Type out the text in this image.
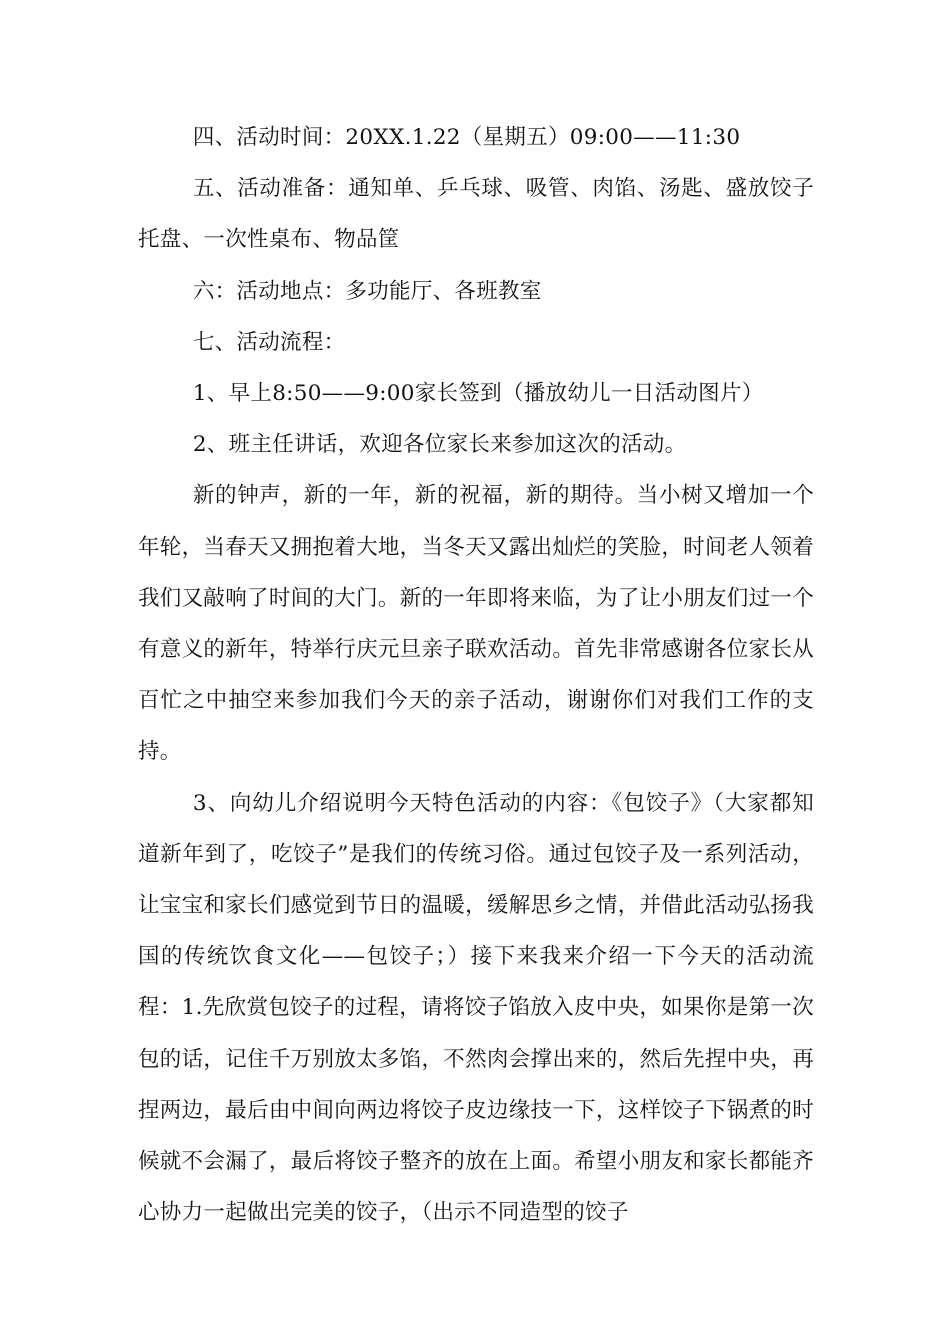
四、活动时间：20XX.1.22（星期五）09:00——11:30

五、活动准备：通知单、乒乓球、吸管、肉馅、汤匙、盛放饺子托盘、一次性桌布、物品筐

六：活动地点：多功能厅、各班教室

七、活动流程：

1、早上8:50——9:00家长签到（播放幼儿一日活动图片）

2、班主任讲话，欢迎各位家长来参加这次的活动。

新的钟声，新的一年，新的祝福，新的期待。当小树又增加一个年轮，当春天又拥抱着大地，当冬天又露出灿烂的笑脸，时间老人领着我们又敲响了时间的大门。新的一年即将来临，为了让小朋友们过一个有意义的新年，特举行庆元旦亲子联欢活动。首先非常感谢各位家长从百忙之中抽空来参加我们今天的亲子活动，谢谢你们对我们工作的支持。

3、向幼儿介绍说明今天特色活动的内容：《包饺子》（大家都知道新年到了，吃饺子”是我们的传统习俗。通过包饺子及一系列活动，让宝宝和家长们感觉到节日的温暖，缓解思乡之情，并借此活动弘扬我国的传统饮食文化——包饺子；）接下来我来介绍一下今天的活动流程：1.先欣赏包饺子的过程，请将饺子馅放入皮中央，如果你是第一次包的话，记住千万别放太多馅，不然肉会撑出来的，然后先捏中央，再捏两边，最后由中间向两边将饺子皮边缘技一下，这样饺子下锅煮的时候就不会漏了，最后将饺子整齐的放在上面。希望小朋友和家长都能齐心协力一起做出完美的饺子，（出示不同造型的饺子
